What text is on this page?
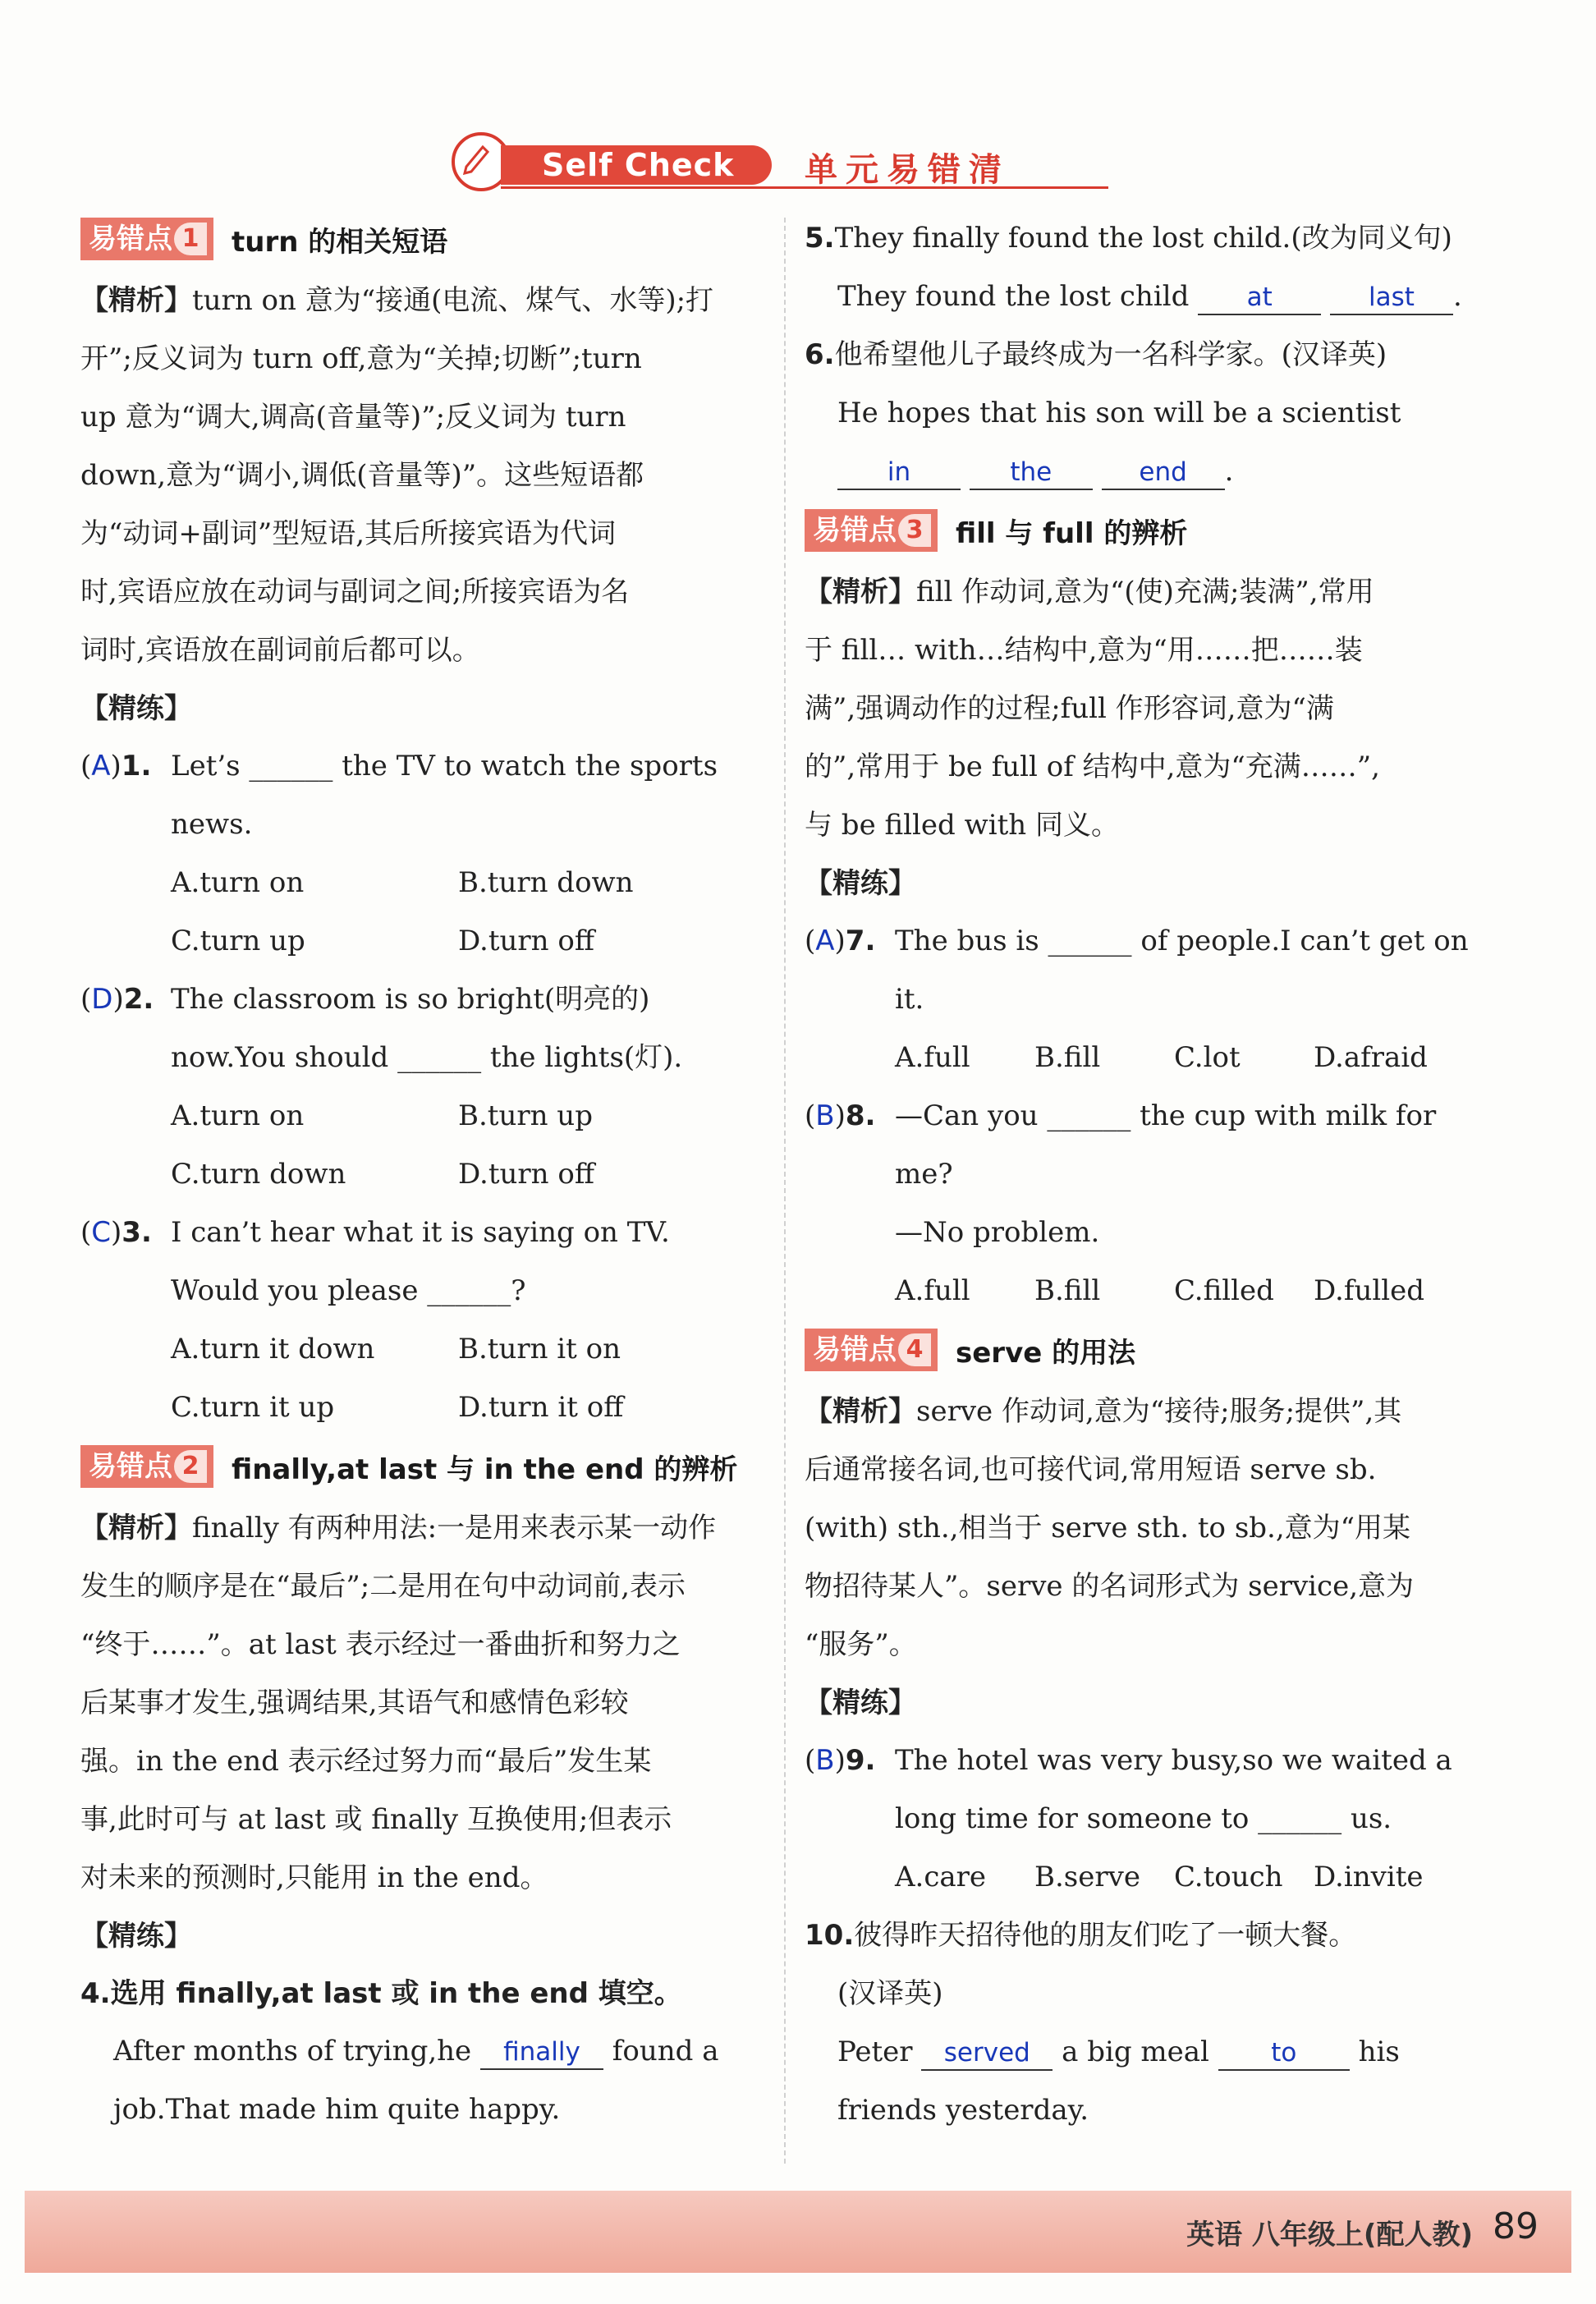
Self Check	单元易错清
易错点 1 turn 的相关短语

【精析】turn on 意为“接通(电流、煤气、水等);打

开”;反义词为 turn off,意为“关掉;切断”;turn

up 意为“调大,调高(音量等)”;反义词为 turn

down,意为“调小,调低(音量等)”。这些短语都

为“动词+副词”型短语,其后所接宾语为代词

时,宾语应放在动词与副词之间;所接宾语为名

词时,宾语放在副词前后都可以。

【精练】

(A)1. Let’s ______ the TV to watch the sports
news.
A.turn on	B.turn down
C.turn up	D.turn off
(D)2. The classroom is so bright(明亮的)
now.You should ______ the lights(灯).
A.turn on	B.turn up
C.turn down	D.turn off
(C)3. I can’t hear what it is saying on TV.
Would you please ______?
A.turn it down	B.turn it on
C.turn it up	D.turn it off
易错点 2 finally,at last 与 in the end 的辨析

【精析】finally 有两种用法:一是用来表示某一动作

发生的顺序是在“最后”;二是用在句中动词前,表示

“终于……”。at last 表示经过一番曲折和努力之

后某事才发生,强调结果,其语气和感情色彩较

强。in the end 表示经过努力而“最后”发生某

事,此时可与 at last 或 finally 互换使用;但表示

对未来的预测时,只能用 in the end。

【精练】

4.选用 finally,at last 或 in the end 填空。

After months of trying,he finally found a

job.That made him quite happy.

5.They finally found the lost child.(改为同义句)

They found the lost child at	last .

6.他希望他儿子最终成为一名科学家。(汉译英)

He hopes that his son will be a scientist

in	the	end .

易错点 3 fill 与 full 的辨析

【精析】fill 作动词,意为“(使)充满;装满”,常用

于 fill… with…结构中,意为“用……把……装

满”,强调动作的过程;full 作形容词,意为“满

的”,常用于 be full of 结构中,意为“充满……”,

与 be filled with 同义。

【精练】

(A)7. The bus is ______ of people.I can’t get on it.
A.full	B.fill	C.lot	D.afraid
(B)8. —Can you ______ the cup with milk for
me?
—No problem.
A.full	B.fill	C.filled	D.fulled
易错点 4 serve 的用法

【精析】serve 作动词,意为“接待;服务;提供”,其

后通常接名词,也可接代词,常用短语 serve sb.

(with) sth.,相当于 serve sth. to sb.,意为“用某

物招待某人”。serve 的名词形式为 service,意为

“服务”。

【精练】

(B)9. The hotel was very busy,so we waited a
long time for someone to ______ us.
A.care	B.serve	C.touch	D.invite

10.彼得昨天招待他的朋友们吃了一顿大餐。

(汉译英)

Peter served a big meal to his

friends yesterday.

英语 八年级上(配人教) 89
